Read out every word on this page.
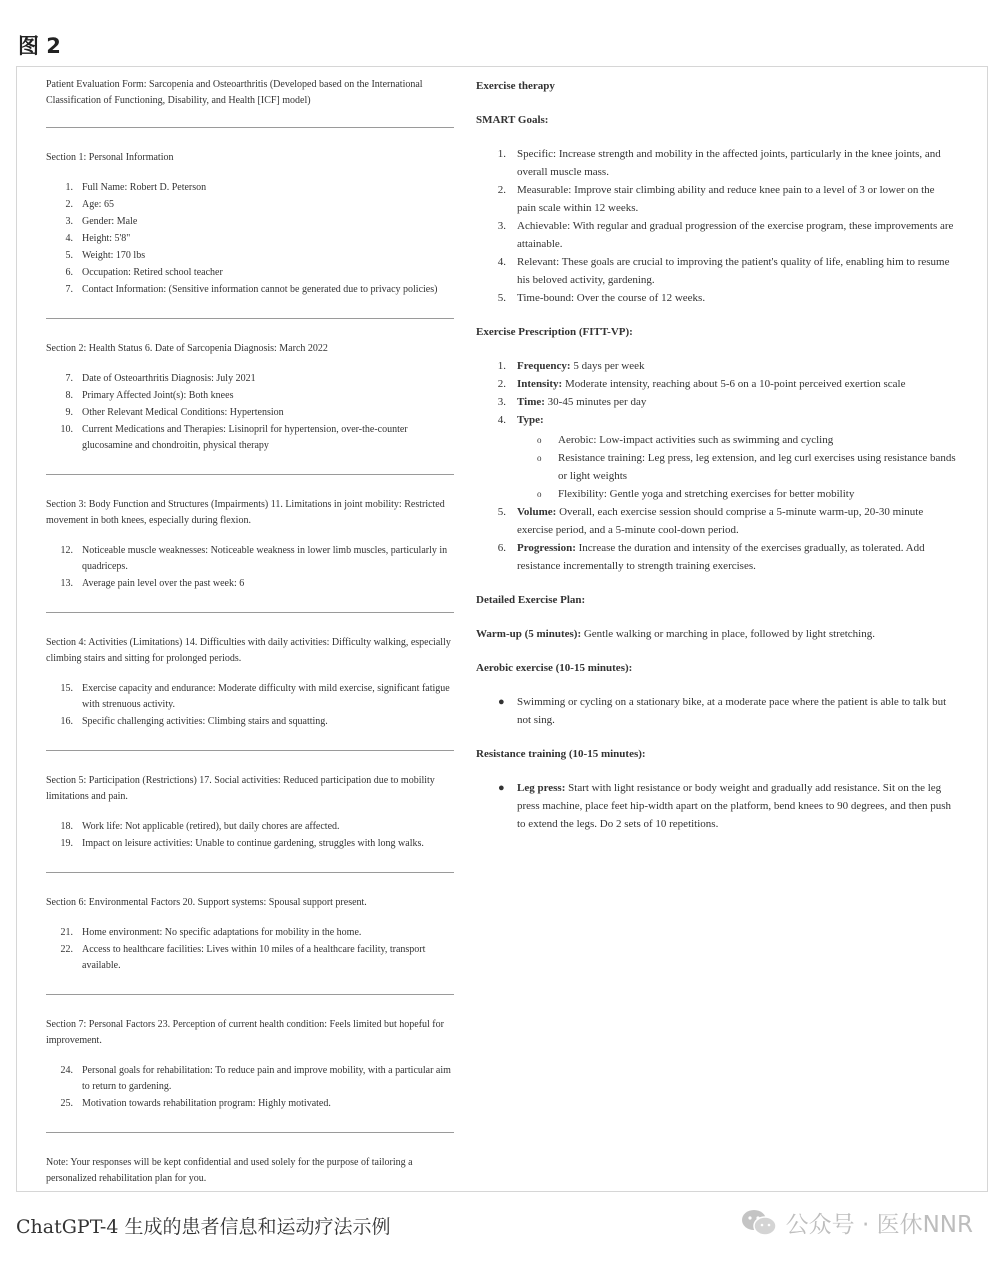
图 2
Patient Evaluation Form: Sarcopenia and Osteoarthritis (Developed based on the International Classification of Functioning, Disability, and Health [ICF] model)
Section 1: Personal Information
1. Full Name: Robert D. Peterson
2. Age: 65
3. Gender: Male
4. Height: 5'8"
5. Weight: 170 lbs
6. Occupation: Retired school teacher
7. Contact Information: (Sensitive information cannot be generated due to privacy policies)
Section 2: Health Status 6. Date of Sarcopenia Diagnosis: March 2022
7. Date of Osteoarthritis Diagnosis: July 2021
8. Primary Affected Joint(s): Both knees
9. Other Relevant Medical Conditions: Hypertension
10. Current Medications and Therapies: Lisinopril for hypertension, over-the-counter glucosamine and chondroitin, physical therapy
Section 3: Body Function and Structures (Impairments) 11. Limitations in joint mobility: Restricted movement in both knees, especially during flexion.
12. Noticeable muscle weaknesses: Noticeable weakness in lower limb muscles, particularly in quadriceps.
13. Average pain level over the past week: 6
Section 4: Activities (Limitations) 14. Difficulties with daily activities: Difficulty walking, especially climbing stairs and sitting for prolonged periods.
15. Exercise capacity and endurance: Moderate difficulty with mild exercise, significant fatigue with strenuous activity.
16. Specific challenging activities: Climbing stairs and squatting.
Section 5: Participation (Restrictions) 17. Social activities: Reduced participation due to mobility limitations and pain.
18. Work life: Not applicable (retired), but daily chores are affected.
19. Impact on leisure activities: Unable to continue gardening, struggles with long walks.
Section 6: Environmental Factors 20. Support systems: Spousal support present.
21. Home environment: No specific adaptations for mobility in the home.
22. Access to healthcare facilities: Lives within 10 miles of a healthcare facility, transport available.
Section 7: Personal Factors 23. Perception of current health condition: Feels limited but hopeful for improvement.
24. Personal goals for rehabilitation: To reduce pain and improve mobility, with a particular aim to return to gardening.
25. Motivation towards rehabilitation program: Highly motivated.
Note: Your responses will be kept confidential and used solely for the purpose of tailoring a personalized rehabilitation plan for you.
Exercise therapy
SMART Goals:
1. Specific: Increase strength and mobility in the affected joints, particularly in the knee joints, and overall muscle mass.
2. Measurable: Improve stair climbing ability and reduce knee pain to a level of 3 or lower on the pain scale within 12 weeks.
3. Achievable: With regular and gradual progression of the exercise program, these improvements are attainable.
4. Relevant: These goals are crucial to improving the patient's quality of life, enabling him to resume his beloved activity, gardening.
5. Time-bound: Over the course of 12 weeks.
Exercise Prescription (FITT-VP):
1. Frequency: 5 days per week
2. Intensity: Moderate intensity, reaching about 5-6 on a 10-point perceived exertion scale
3. Time: 30-45 minutes per day
4. Type:
o Aerobic: Low-impact activities such as swimming and cycling
o Resistance training: Leg press, leg extension, and leg curl exercises using resistance bands or light weights
o Flexibility: Gentle yoga and stretching exercises for better mobility
5. Volume: Overall, each exercise session should comprise a 5-minute warm-up, 20-30 minute exercise period, and a 5-minute cool-down period.
6. Progression: Increase the duration and intensity of the exercises gradually, as tolerated. Add resistance incrementally to strength training exercises.
Detailed Exercise Plan:
Warm-up (5 minutes): Gentle walking or marching in place, followed by light stretching.
Aerobic exercise (10-15 minutes):
● Swimming or cycling on a stationary bike, at a moderate pace where the patient is able to talk but not sing.
Resistance training (10-15 minutes):
● Leg press: Start with light resistance or body weight and gradually add resistance. Sit on the leg press machine, place feet hip-width apart on the platform, bend knees to 90 degrees, and then push to extend the legs. Do 2 sets of 10 repetitions.
ChatGPT-4 生成的患者信息和运动疗法示例	公众号 · 医休NNR
